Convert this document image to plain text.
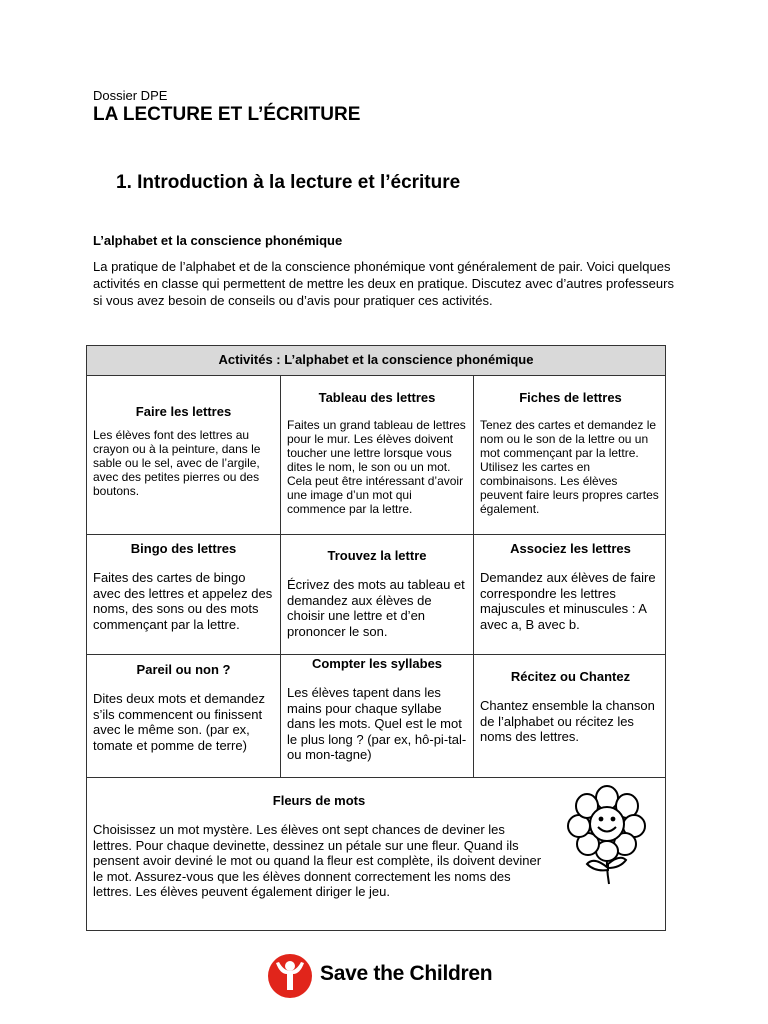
Dossier DPE
LA LECTURE ET L’ÉCRITURE
1. Introduction à la lecture et l’écriture
L’alphabet et la conscience phonémique
La pratique de l’alphabet et de la conscience phonémique vont généralement de pair. Voici quelques activités en classe qui permettent de mettre les deux en pratique. Discutez avec d’autres professeurs si vous avez besoin de conseils ou d’avis pour pratiquer ces activités.
Activités : L’alphabet et la conscience phonémique
Faire les lettres
Les élèves font des lettres au crayon ou à la peinture, dans le sable ou le sel, avec de l’argile, avec des petites pierres ou des boutons.
Tableau des lettres
Faites un grand tableau de lettres pour le mur. Les élèves doivent toucher une lettre lorsque vous dites le nom, le son ou un mot. Cela peut être intéressant d’avoir une image d’un mot qui commence par la lettre.
Fiches de lettres
Tenez des cartes et demandez le nom ou le son de la lettre ou un mot commençant par la lettre. Utilisez les cartes en combinaisons. Les élèves peuvent faire leurs propres cartes également.
Bingo des lettres
Faites des cartes de bingo avec des lettres et appelez des noms, des sons ou des mots commençant par la lettre.
Trouvez la lettre
Écrivez des mots au tableau et demandez aux élèves de choisir une lettre et d’en prononcer le son.
Associez les lettres
Demandez aux élèves de faire correspondre les lettres majuscules et minuscules : A avec a, B avec b.
Pareil ou non ?
Dites deux mots et demandez s’ils commencent ou finissent avec le même son. (par ex, tomate et pomme de terre)
Compter les syllabes
Les élèves tapent dans les mains pour chaque syllabe dans les mots. Quel est le mot le plus long ? (par ex, hô-pi-tal- ou mon-tagne)
Récitez ou Chantez
Chantez ensemble la chanson de l’alphabet ou récitez les noms des lettres.
Fleurs de mots
Choisissez un mot mystère. Les élèves ont sept chances de deviner les lettres. Pour chaque devinette, dessinez un pétale sur une fleur. Quand ils pensent avoir deviné le mot ou quand la fleur est complète, ils doivent deviner le mot. Assurez-vous que les élèves donnent correctement les noms des lettres. Les élèves peuvent également diriger le jeu.
Save the Children
